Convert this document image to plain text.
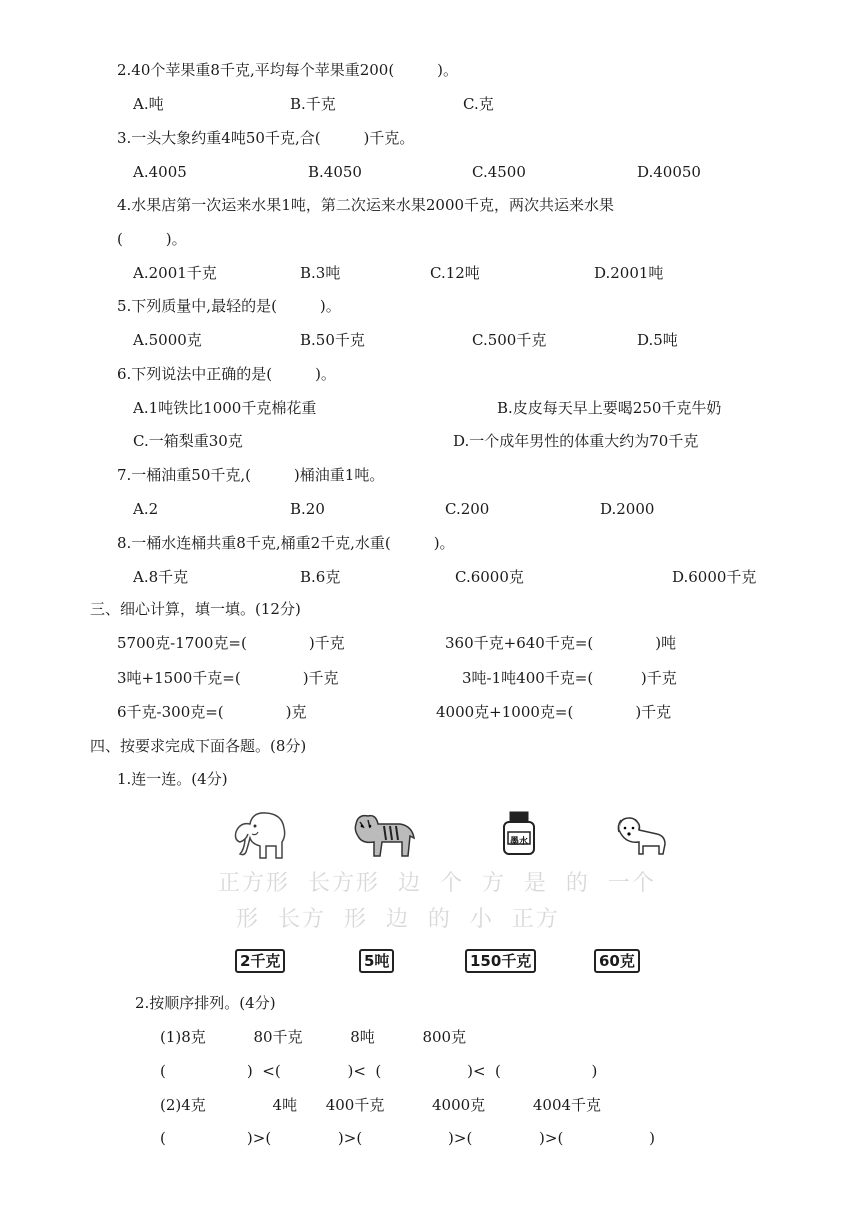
2.40个苹果重8千克,平均每个苹果重200(         )。
A.吨	B.千克	C.克
3.一头大象约重4吨50千克,合(         )千克。
A.4005	B.4050	C.4500	D.40050
4.水果店第一次运来水果1吨，第二次运来水果2000千克，两次共运来水果
(         )。
A.2001千克	B.3吨	C.12吨	D.2001吨
5.下列质量中,最轻的是(         )。
A.5000克	B.50千克	C.500千克	D.5吨
6.下列说法中正确的是(         )。
A.1吨铁比1000千克棉花重	B.皮皮每天早上要喝250千克牛奶
C.一箱梨重30克	D.一个成年男性的体重大约为70千克
7.一桶油重50千克,(         )桶油重1吨。
A.2	B.20	C.200	D.2000
8.一桶水连桶共重8千克,桶重2千克,水重(         )。
A.8千克	B.6克	C.6000克	D.6000千克
三、细心计算，填一填。(12分)
5700克-1700克=(             )千克	360千克+640千克=(             )吨
3吨+1500千克=(             )千克	3吨-1吨400千克=(          )千克
6千克-300克=(             )克	4000克+1000克=(             )千克
四、按要求完成下面各题。(8分)
1.连一连。(4分)
正方形  长方形  边  个  方  是  的  一个
形  长方  形  边  的  小  正方
墨水
2千克	5吨	150千克	60克
2.按顺序排列。(4分)
(1)8克          80千克          8吨          800克
(                 )  <(              )<  (                  )<  (                   )
(2)4克              4吨      400千克          4000克          4004千克
(                 )>(              )>(                  )>(              )>(                  )
